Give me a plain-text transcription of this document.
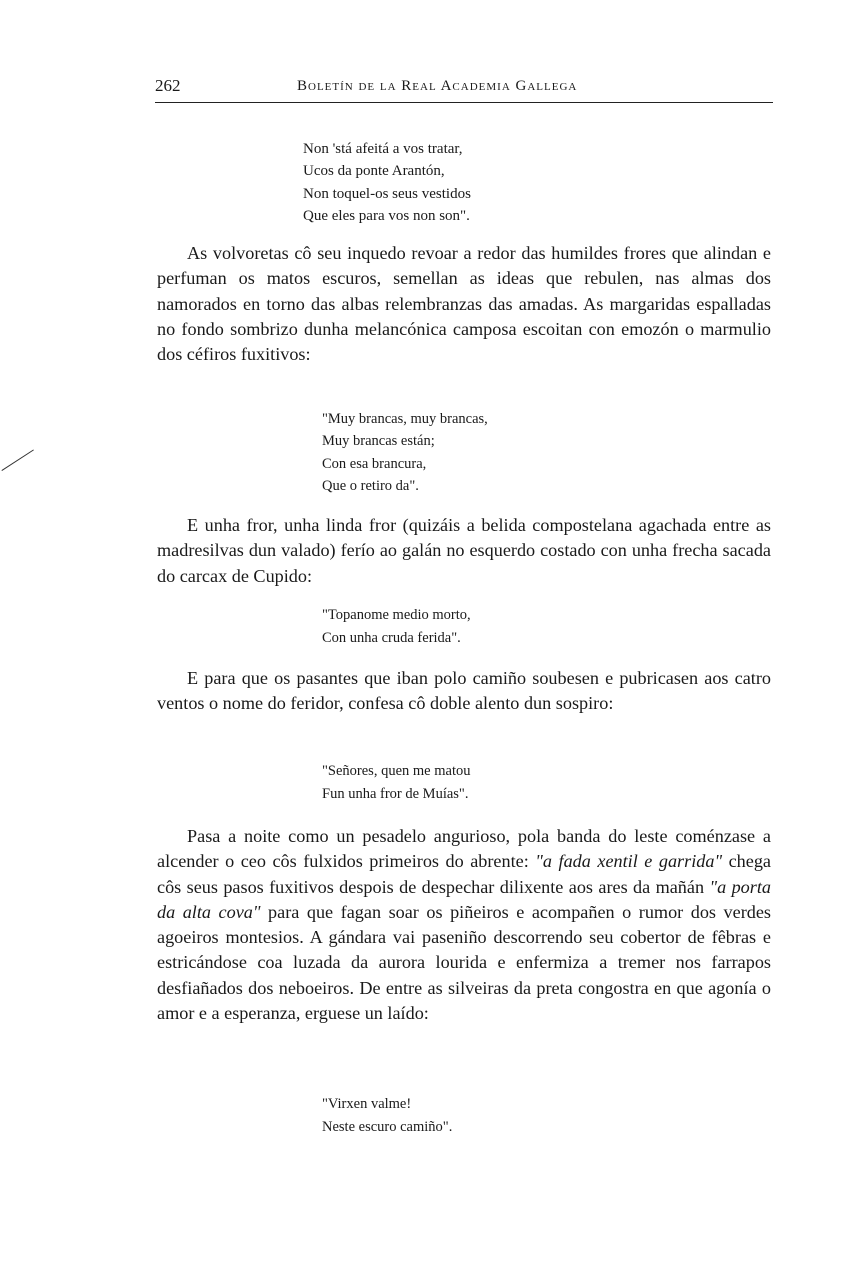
262	Boletín de la Real Academia Gallega
Non 'stá afeitá a vos tratar,
Ucos da ponte Arantón,
Non toquel-os seus vestidos
Que eles para vos non son".

As volvoretas cô seu inquedo revoar a redor das humildes frores que alindan e perfuman os matos escuros, semellan as ideas que rebulen, nas almas dos namorados en torno das albas relembranzas das amadas. As margaridas espalladas no fondo sombrizo dunha melancónica camposa escoitan con emozón o marmulio dos céfiros fuxitivos:

"Muy brancas, muy brancas,
Muy brancas están;
Con esa brancura,
Que o retiro da".

E unha fror, unha linda fror (quizáis a belida compostelana agachada entre as madresilvas dun valado) ferío ao galán no esquerdo costado con unha frecha sacada do carcax de Cupido:

"Topanome medio morto,
Con unha cruda ferida".

E para que os pasantes que iban polo camiño soubesen e pubricasen aos catro ventos o nome do feridor, confesa cô doble alento dun sospiro:

"Señores, quen me matou
Fun unha fror de Muías".

Pasa a noite como un pesadelo angurioso, pola banda do leste coménzase a alcender o ceo côs fulxidos primeiros do abrente: "a fada xentil e garrida" chega côs seus pasos fuxitivos despois de despechar dilixente aos ares da mañán "a porta da alta cova" para que fagan soar os piñeiros e acompañen o rumor dos verdes agoeiros montesios. A gándara vai paseniño descorrendo seu cobertor de fêbras e estricándose coa luzada da aurora lourida e enfermiza a tremer nos farrapos desfiañados dos neboeiros. De entre as silveiras da preta congostra en que agonía o amor e a esperanza, erguese un laído:

"Virxen valme!
Neste escuro camiño".
